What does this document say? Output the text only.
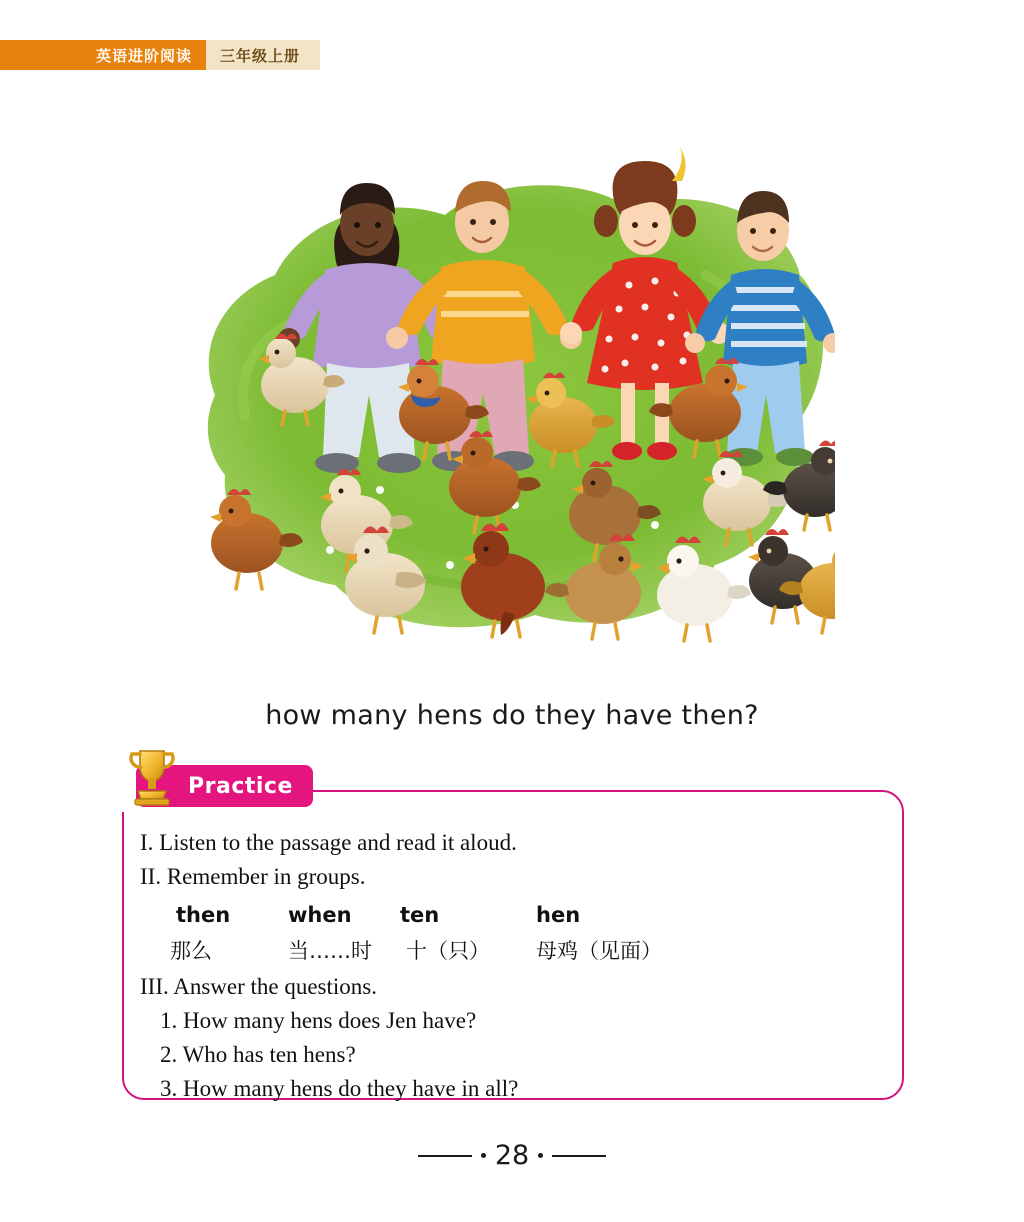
英语进阶阅读	三年级上册
how many hens do they have then?
Practice
I. Listen to the passage and read it aloud.
II. Remember in groups.
then	when	ten	hen
那么	当……时	十（只）	母鸡（见面）
III. Answer the questions.
1. How many hens does Jen have?
2. Who has ten hens?
3. How many hens do they have in all?
28
